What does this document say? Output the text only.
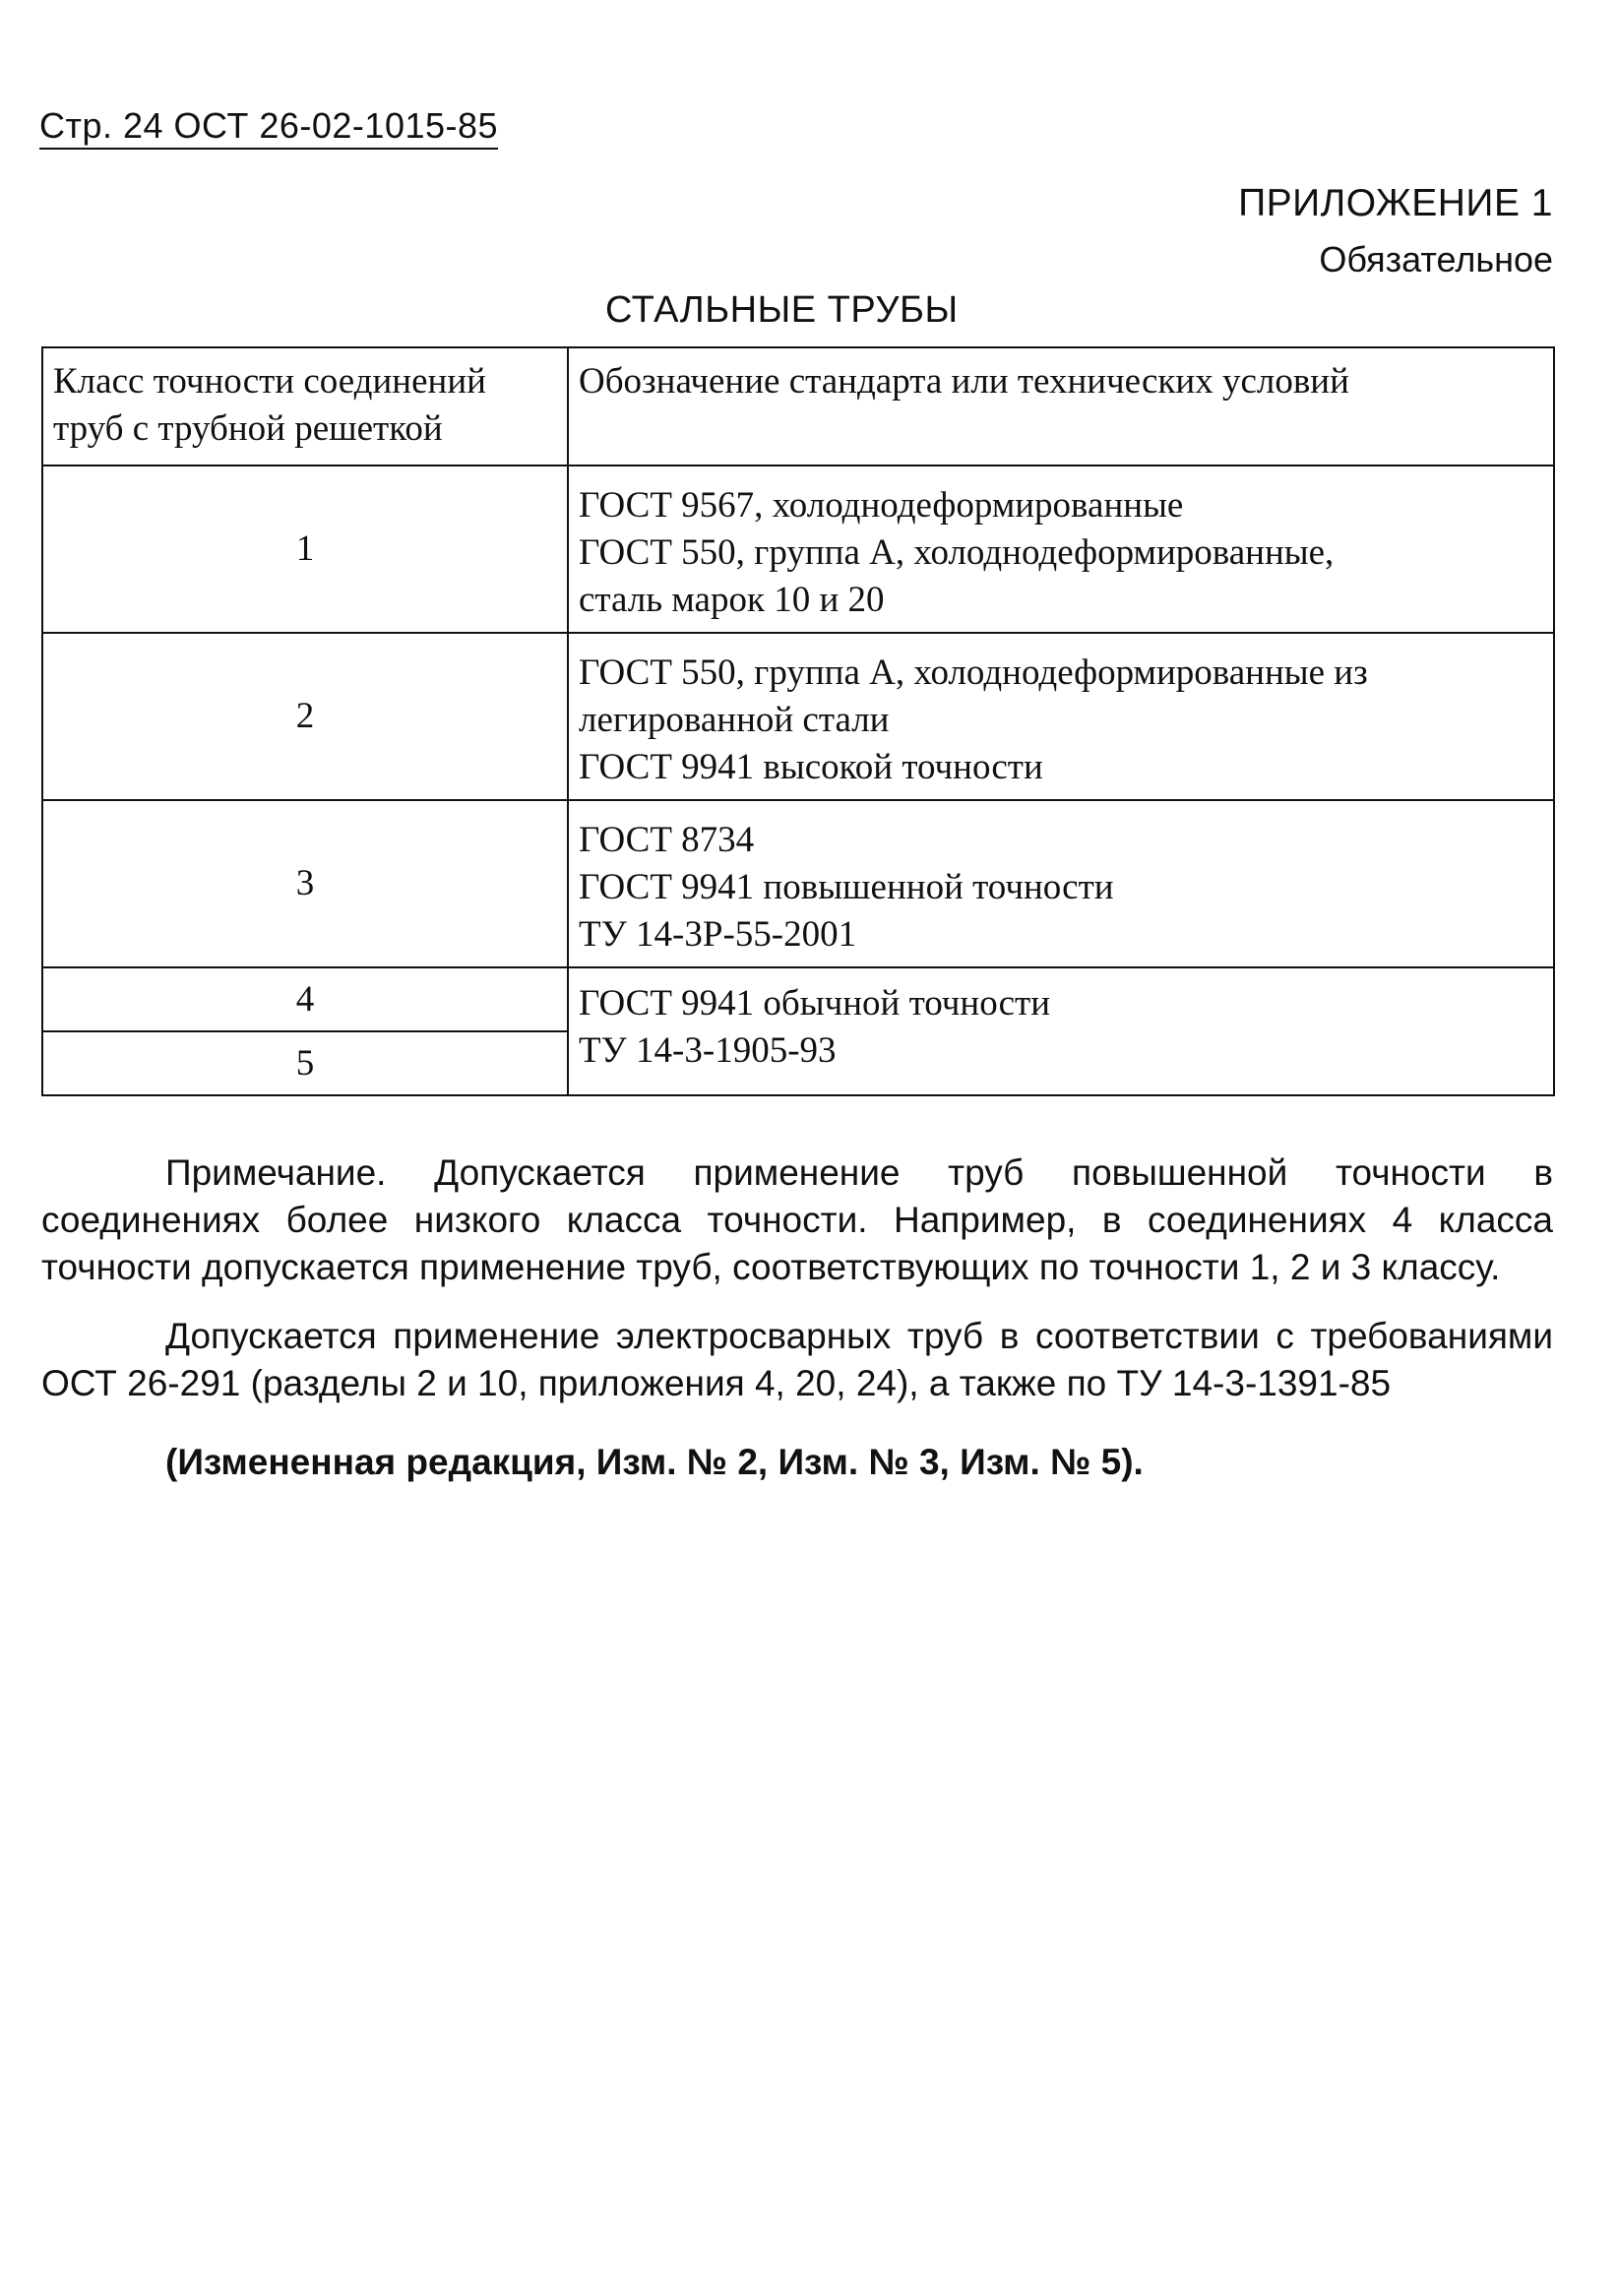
Стр. 24 ОСТ 26-02-1015-85
ПРИЛОЖЕНИЕ 1
Обязательное
СТАЛЬНЫЕ ТРУБЫ
Класс точности соединений труб с трубной решеткой	Обозначение стандарта или технических условий
1	ГОСТ 9567, холоднодеформированные
ГОСТ 550, группа А, холоднодеформированные,
сталь марок 10 и 20

2	ГОСТ 550, группа А, холоднодеформированные из
легированной стали
ГОСТ 9941 высокой точности

3	ГОСТ 8734
ГОСТ 9941 повышенной точности
ТУ 14-3Р-55-2001

4	ГОСТ 9941 обычной точности
ТУ 14-3-1905-93

5	

Примечание. Допускается применение труб повышенной точности в соединениях более низкого класса точности. Например, в соединениях 4 класса точности допускается применение труб, соответствующих по точности 1, 2 и 3 классу.

Допускается применение электросварных труб в соответствии с требованиями ОСТ 26-291 (разделы 2 и 10, приложения 4, 20, 24), а также по ТУ 14-3-1391-85

(Измененная редакция, Изм. № 2, Изм. № 3, Изм. № 5).
